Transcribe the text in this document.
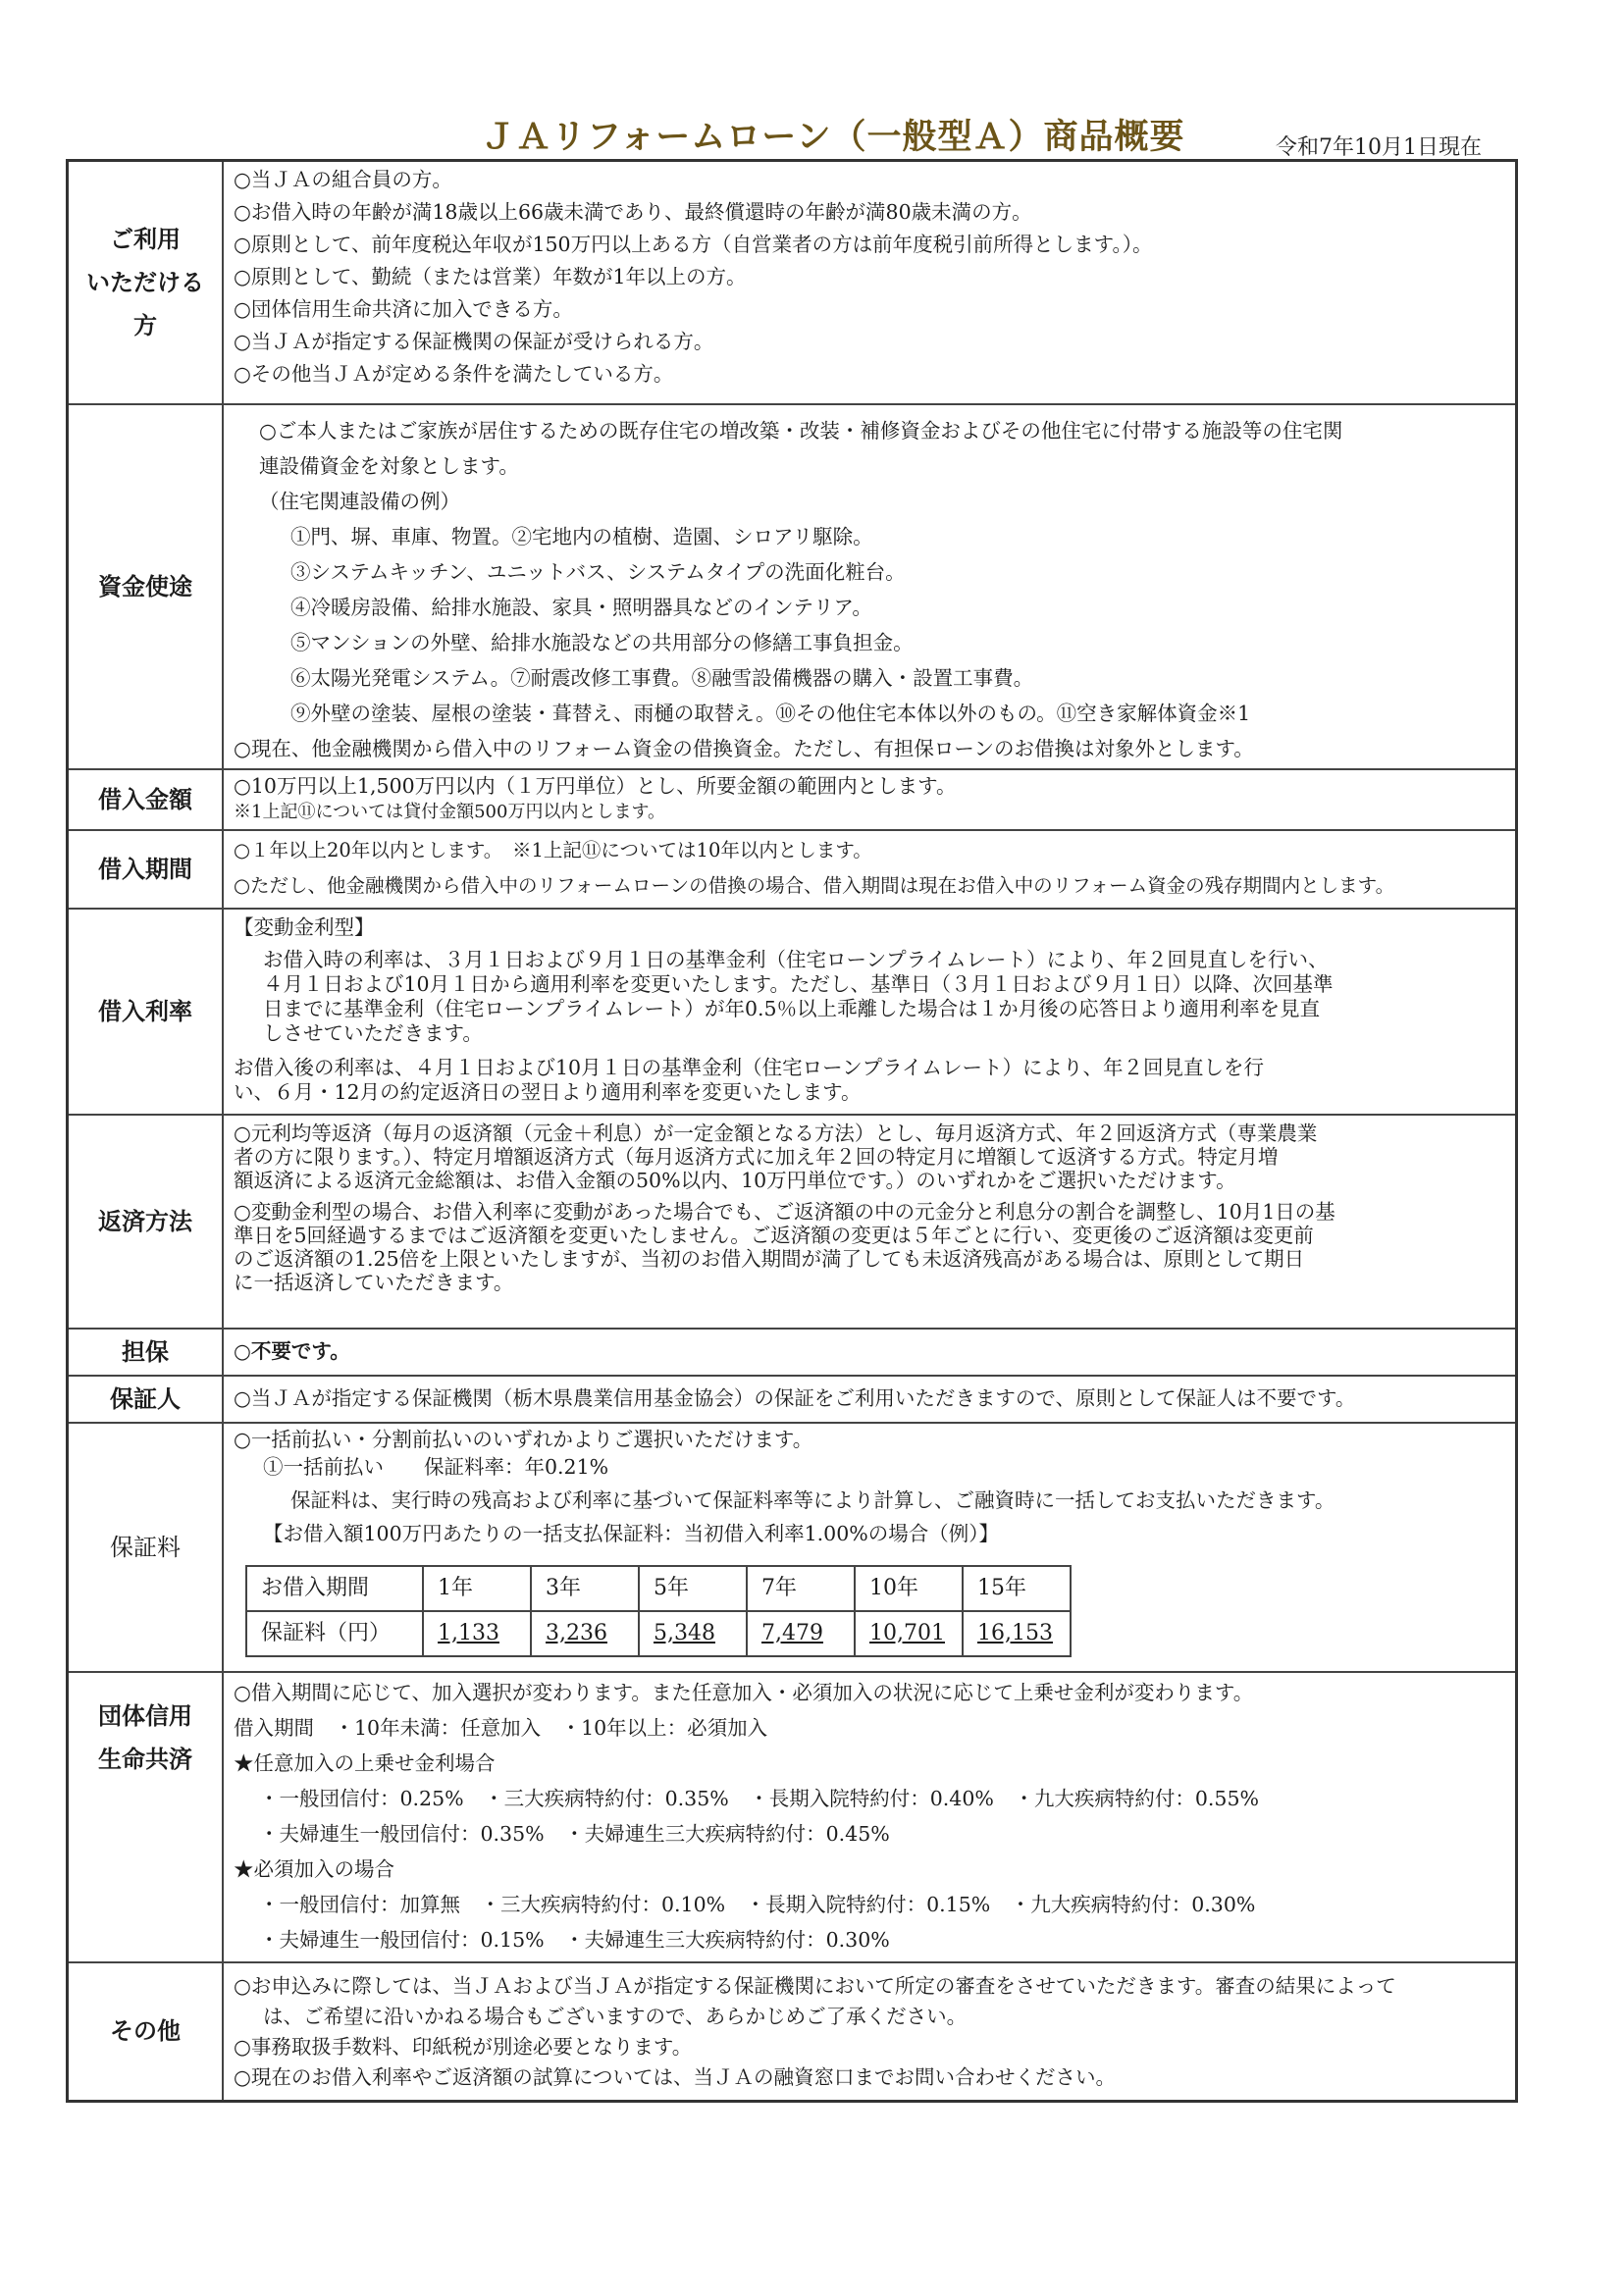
ＪＡリフォームローン（一般型Ａ）商品概要	令和7年10月1日現在
ご利用
いただける
方

○当ＪＡの組合員の方。
○お借入時の年齢が満18歳以上66歳未満であり、最終償還時の年齢が満80歳未満の方。
○原則として、前年度税込年収が150万円以上ある方（自営業者の方は前年度税引前所得とします。）。
○原則として、勤続（または営業）年数が1年以上の方。
○団体信用生命共済に加入できる方。
○当ＪＡが指定する保証機関の保証が受けられる方。
○その他当ＪＡが定める条件を満たしている方。

資金使途	
○ご本人またはご家族が居住するための既存住宅の増改築・改装・補修資金およびその他住宅に付帯する施設等の住宅関
連設備資金を対象とします。
（住宅関連設備の例）
①門、塀、車庫、物置。②宅地内の植樹、造園、シロアリ駆除。
③システムキッチン、ユニットバス、システムタイプの洗面化粧台。
④冷暖房設備、給排水施設、家具・照明器具などのインテリア。
⑤マンションの外壁、給排水施設などの共用部分の修繕工事負担金。
⑥太陽光発電システム。⑦耐震改修工事費。⑧融雪設備機器の購入・設置工事費。
⑨外壁の塗装、屋根の塗装・葺替え、雨樋の取替え。⑩その他住宅本体以外のもの。⑪空き家解体資金※1
○現在、他金融機関から借入中のリフォーム資金の借換資金。ただし、有担保ローンのお借換は対象外とします。

借入金額	○10万円以上1,500万円以内（１万円単位）とし、所要金額の範囲内とします。
※1上記⑪については貸付金額500万円以内とします。

借入期間	
○１年以上20年以内とします。　※1上記⑪については10年以内とします。
○ただし、他金融機関から借入中のリフォームローンの借換の場合、借入期間は現在お借入中のリフォーム資金の残存期間内とします。

借入利率	
【変動金利型】
お借入時の利率は、３月１日および９月１日の基準金利（住宅ローンプライムレート）により、年２回見直しを行い、
４月１日および10月１日から適用利率を変更いたします。ただし、基準日（３月１日および９月１日）以降、次回基準
日までに基準金利（住宅ローンプライムレート）が年0.5％以上乖離した場合は１か月後の応答日より適用利率を見直
しさせていただきます。
お借入後の利率は、４月１日および10月１日の基準金利（住宅ローンプライムレート）により、年２回見直しを行
い、６月・12月の約定返済日の翌日より適用利率を変更いたします。

返済方法	
○元利均等返済（毎月の返済額（元金＋利息）が一定金額となる方法）とし、毎月返済方式、年２回返済方式（専業農業
者の方に限ります。）、特定月増額返済方式（毎月返済方式に加え年２回の特定月に増額して返済する方式。特定月増
額返済による返済元金総額は、お借入金額の50%以内、10万円単位です。）のいずれかをご選択いただけます。
○変動金利型の場合、お借入利率に変動があった場合でも、ご返済額の中の元金分と利息分の割合を調整し、10月1日の基
準日を5回経過するまではご返済額を変更いたしません。ご返済額の変更は５年ごとに行い、変更後のご返済額は変更前
のご返済額の1.25倍を上限といたしますが、当初のお借入期間が満了しても未返済残高がある場合は、原則として期日
に一括返済していただきます。

担保	○不要です。

保証人	○当ＪＡが指定する保証機関（栃木県農業信用基金協会）の保証をご利用いただきますので、原則として保証人は不要です。

保証料	
○一括前払い・分割前払いのいずれかよりご選択いただけます。
①一括前払い　　保証料率：年0.21%
保証料は、実行時の残高および利率に基づいて保証料率等により計算し、ご融資時に一括してお支払いただきます。
【お借入額100万円あたりの一括支払保証料：当初借入利率1.00%の場合（例）】
お借入期間	1年	3年	5年	7年	10年	15年
保証料（円）	1,133	3,236	5,348	7,479	10,701	16,153

団体信用
生命共済

○借入期間に応じて、加入選択が変わります。また任意加入・必須加入の状況に応じて上乗せ金利が変わります。
借入期間　・10年未満：任意加入　・10年以上：必須加入
★任意加入の上乗せ金利場合
・一般団信付：0.25%　・三大疾病特約付：0.35%　・長期入院特約付：0.40%　・九大疾病特約付：0.55%
・夫婦連生一般団信付：0.35%　・夫婦連生三大疾病特約付：0.45%
★必須加入の場合
・一般団信付：加算無　・三大疾病特約付：0.10%　・長期入院特約付：0.15%　・九大疾病特約付：0.30%
・夫婦連生一般団信付：0.15%　・夫婦連生三大疾病特約付：0.30%

その他	
○お申込みに際しては、当ＪＡおよび当ＪＡが指定する保証機関において所定の審査をさせていただきます。審査の結果によって
は、ご希望に沿いかねる場合もございますので、あらかじめご了承ください。
○事務取扱手数料、印紙税が別途必要となります。
○現在のお借入利率やご返済額の試算については、当ＪＡの融資窓口までお問い合わせください。
